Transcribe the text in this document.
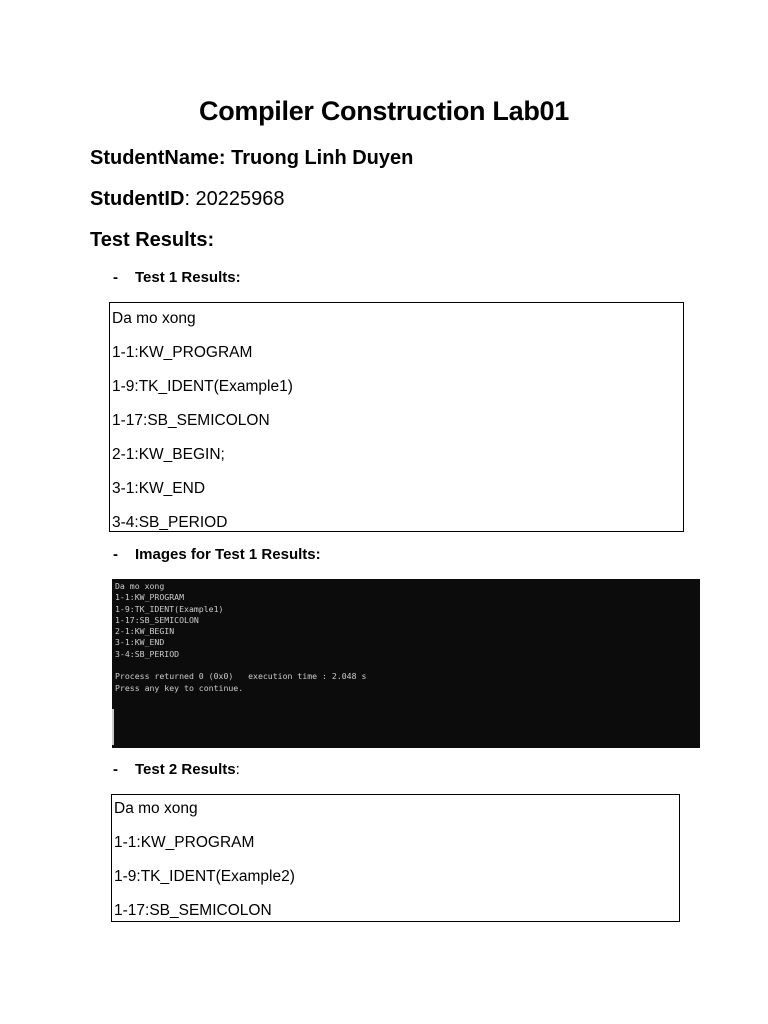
Compiler Construction Lab01
StudentName: Truong Linh Duyen
StudentID: 20225968
Test Results:
- Test 1 Results:
Da mo xong
1-1:KW_PROGRAM
1-9:TK_IDENT(Example1)
1-17:SB_SEMICOLON
2-1:KW_BEGIN;
3-1:KW_END
3-4:SB_PERIOD
- Images for Test 1 Results:
Da mo xong
1-1:KW_PROGRAM
1-9:TK_IDENT(Example1)
1-17:SB_SEMICOLON
2-1:KW_BEGIN
3-1:KW_END
3-4:SB_PERIOD
Process returned 0 (0x0)   execution time : 2.048 s
Press any key to continue.
- Test 2 Results:
Da mo xong
1-1:KW_PROGRAM
1-9:TK_IDENT(Example2)
1-17:SB_SEMICOLON
